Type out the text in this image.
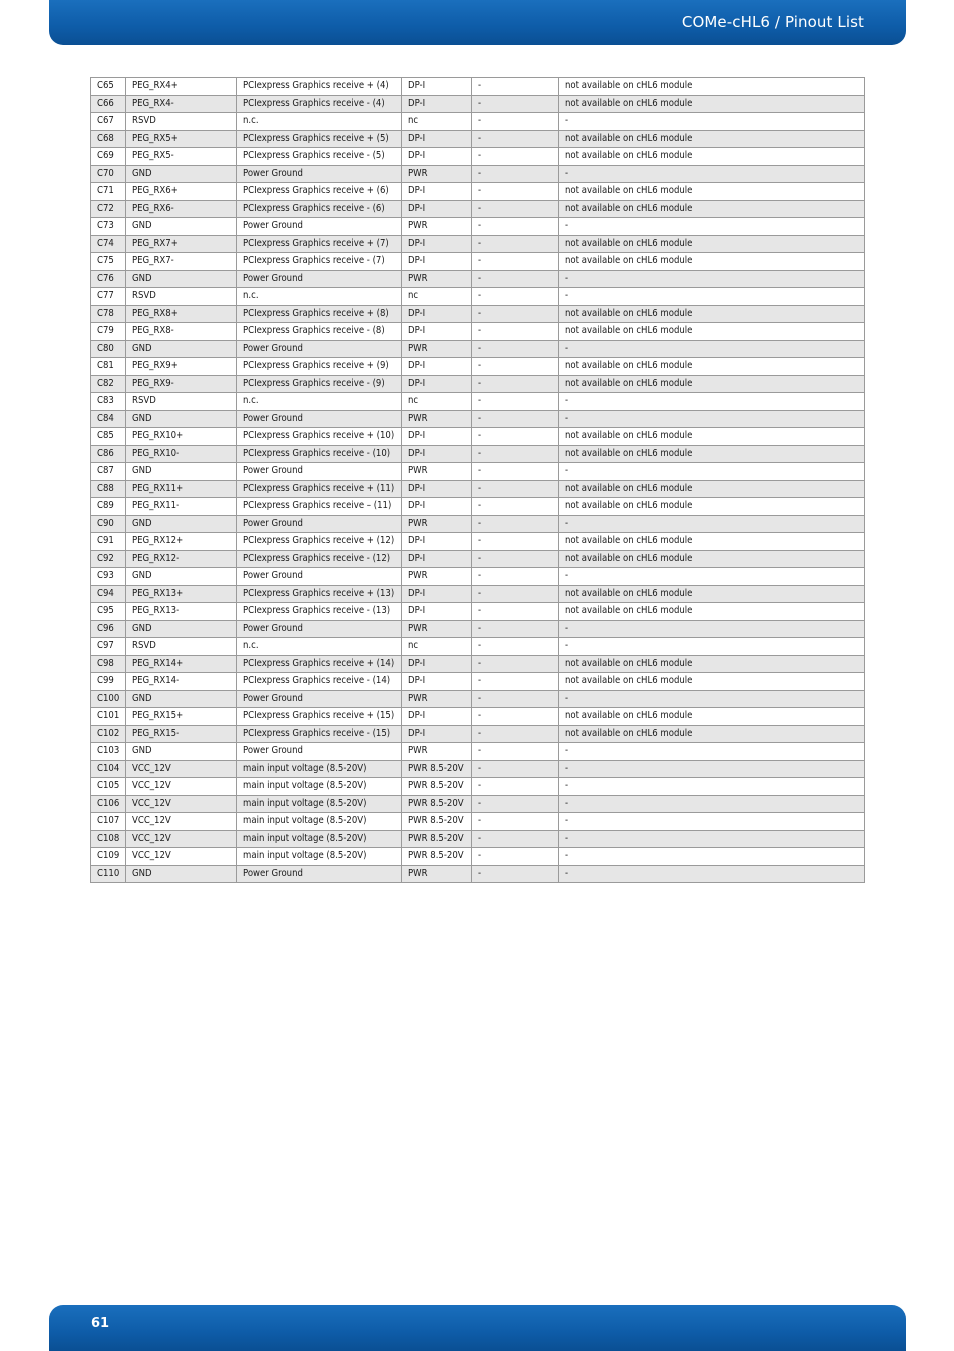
COMe-cHL6 / Pinout List
C65	PEG_RX4+	PCIexpress Graphics receive + (4)	DP-I	-	not available on cHL6 module
C66	PEG_RX4-	PCIexpress Graphics receive - (4)	DP-I	-	not available on cHL6 module
C67	RSVD	n.c.	nc	-	-
C68	PEG_RX5+	PCIexpress Graphics receive + (5)	DP-I	-	not available on cHL6 module
C69	PEG_RX5-	PCIexpress Graphics receive - (5)	DP-I	-	not available on cHL6 module
C70	GND	Power Ground	PWR	-	-
C71	PEG_RX6+	PCIexpress Graphics receive + (6)	DP-I	-	not available on cHL6 module
C72	PEG_RX6-	PCIexpress Graphics receive - (6)	DP-I	-	not available on cHL6 module
C73	GND	Power Ground	PWR	-	-
C74	PEG_RX7+	PCIexpress Graphics receive + (7)	DP-I	-	not available on cHL6 module
C75	PEG_RX7-	PCIexpress Graphics receive - (7)	DP-I	-	not available on cHL6 module
C76	GND	Power Ground	PWR	-	-
C77	RSVD	n.c.	nc	-	-
C78	PEG_RX8+	PCIexpress Graphics receive + (8)	DP-I	-	not available on cHL6 module
C79	PEG_RX8-	PCIexpress Graphics receive - (8)	DP-I	-	not available on cHL6 module
C80	GND	Power Ground	PWR	-	-
C81	PEG_RX9+	PCIexpress Graphics receive + (9)	DP-I	-	not available on cHL6 module
C82	PEG_RX9-	PCIexpress Graphics receive - (9)	DP-I	-	not available on cHL6 module
C83	RSVD	n.c.	nc	-	-
C84	GND	Power Ground	PWR	-	-
C85	PEG_RX10+	PCIexpress Graphics receive + (10)	DP-I	-	not available on cHL6 module
C86	PEG_RX10-	PCIexpress Graphics receive - (10)	DP-I	-	not available on cHL6 module
C87	GND	Power Ground	PWR	-	-
C88	PEG_RX11+	PCIexpress Graphics receive + (11)	DP-I	-	not available on cHL6 module
C89	PEG_RX11-	PCIexpress Graphics receive – (11)	DP-I	-	not available on cHL6 module
C90	GND	Power Ground	PWR	-	-
C91	PEG_RX12+	PCIexpress Graphics receive + (12)	DP-I	-	not available on cHL6 module
C92	PEG_RX12-	PCIexpress Graphics receive - (12)	DP-I	-	not available on cHL6 module
C93	GND	Power Ground	PWR	-	-
C94	PEG_RX13+	PCIexpress Graphics receive + (13)	DP-I	-	not available on cHL6 module
C95	PEG_RX13-	PCIexpress Graphics receive - (13)	DP-I	-	not available on cHL6 module
C96	GND	Power Ground	PWR	-	-
C97	RSVD	n.c.	nc	-	-
C98	PEG_RX14+	PCIexpress Graphics receive + (14)	DP-I	-	not available on cHL6 module
C99	PEG_RX14-	PCIexpress Graphics receive - (14)	DP-I	-	not available on cHL6 module
C100	GND	Power Ground	PWR	-	-
C101	PEG_RX15+	PCIexpress Graphics receive + (15)	DP-I	-	not available on cHL6 module
C102	PEG_RX15-	PCIexpress Graphics receive - (15)	DP-I	-	not available on cHL6 module
C103	GND	Power Ground	PWR	-	-
C104	VCC_12V	main input voltage (8.5-20V)	PWR 8.5-20V	-	-
C105	VCC_12V	main input voltage (8.5-20V)	PWR 8.5-20V	-	-
C106	VCC_12V	main input voltage (8.5-20V)	PWR 8.5-20V	-	-
C107	VCC_12V	main input voltage (8.5-20V)	PWR 8.5-20V	-	-
C108	VCC_12V	main input voltage (8.5-20V)	PWR 8.5-20V	-	-
C109	VCC_12V	main input voltage (8.5-20V)	PWR 8.5-20V	-	-
C110	GND	Power Ground	PWR	-	-
61
